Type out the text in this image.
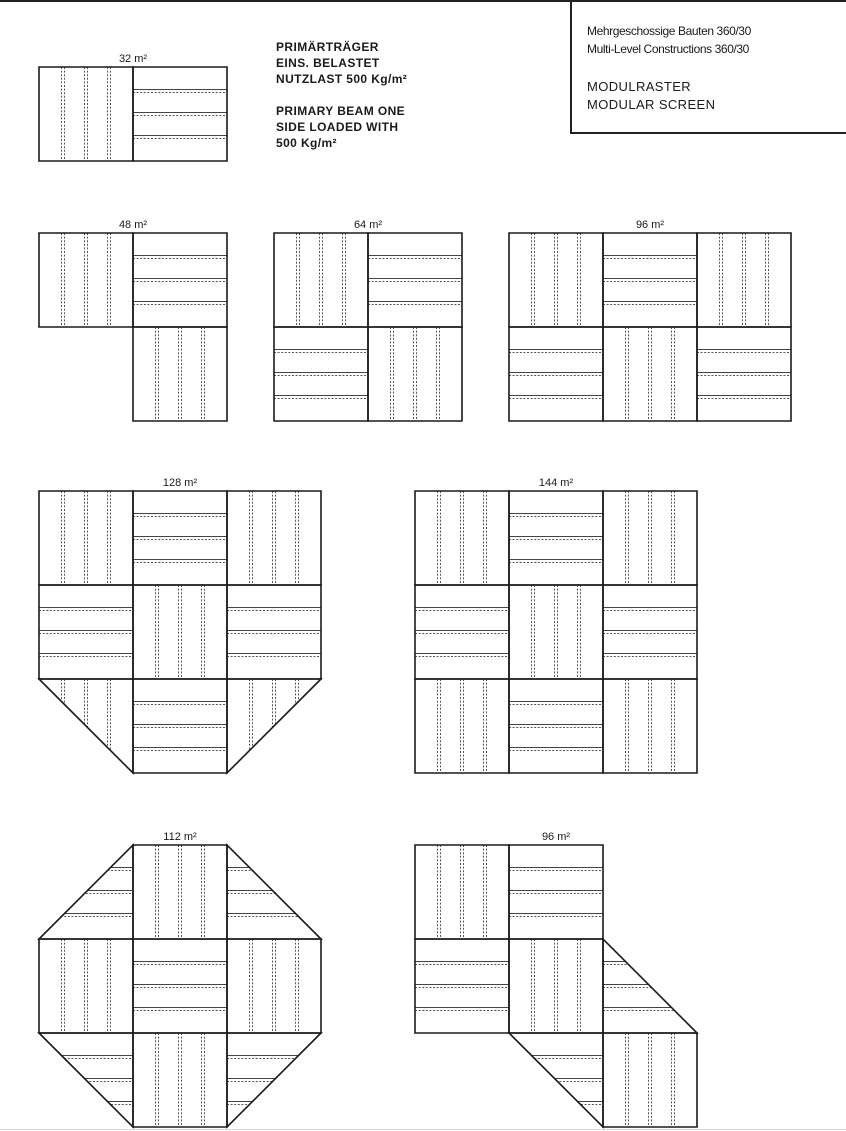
PRIMÄRTRÄGER
EINS. BELASTET
NUTZLAST 500 Kg/m²
PRIMARY BEAM ONE
SIDE LOADED WITH
500 Kg/m²
Mehrgeschossige Bauten 360/30
Multi-Level Constructions 360/30
MODULRASTER
MODULAR SCREEN
32 m²
48 m²	64 m²	96 m²
128 m²	144 m²
112 m²	96 m²
